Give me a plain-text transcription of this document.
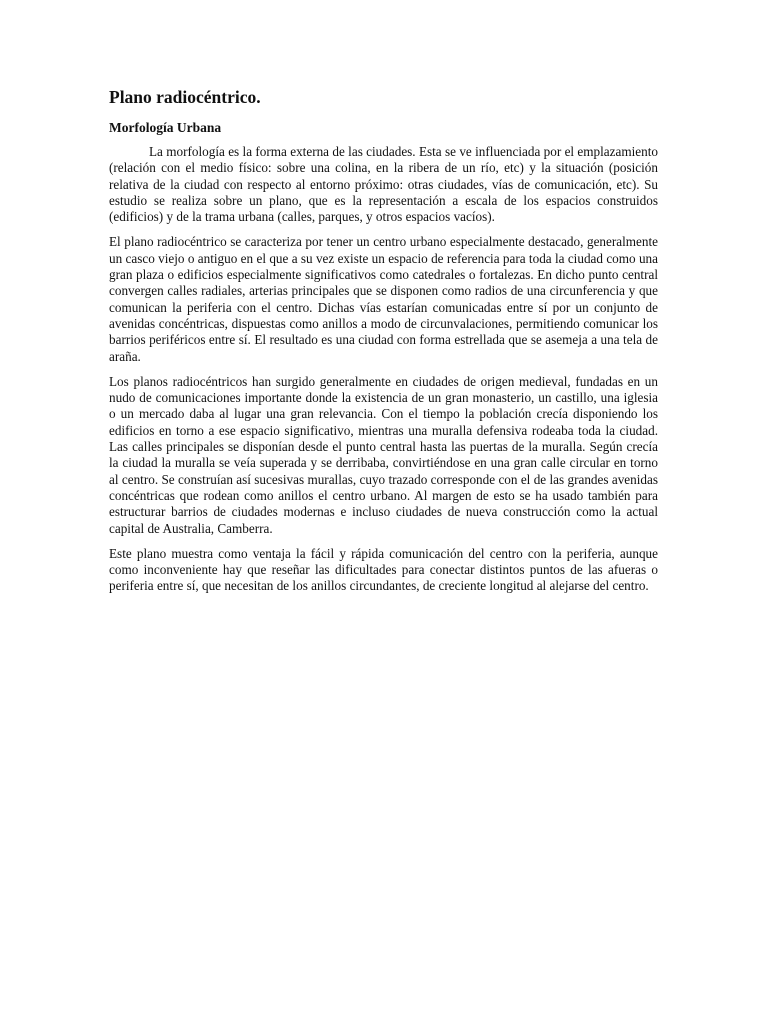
Plano radiocéntrico.
Morfología Urbana

La morfología es la forma externa de las ciudades. Esta se ve influenciada por el emplazamiento (relación con el medio físico: sobre una colina, en la ribera de un río, etc) y la situación (posición relativa de la ciudad con respecto al entorno próximo: otras ciudades, vías de comunicación, etc). Su estudio se realiza sobre un plano, que es la representación a escala de los espacios construidos (edificios) y de la trama urbana (calles, parques, y otros espacios vacíos).

El plano radiocéntrico se caracteriza por tener un centro urbano especialmente destacado, generalmente un casco viejo o antiguo en el que a su vez existe un espacio de referencia para toda la ciudad como una gran plaza o edificios especialmente significativos como catedrales o fortalezas. En dicho punto central convergen calles radiales, arterias principales que se disponen como radios de una circunferencia y que comunican la periferia con el centro. Dichas vías estarían comunicadas entre sí por un conjunto de avenidas concéntricas, dispuestas como anillos a modo de circunvalaciones, permitiendo comunicar los barrios periféricos entre sí. El resultado es una ciudad con forma estrellada que se asemeja a una tela de araña.

Los planos radiocéntricos han surgido generalmente en ciudades de origen medieval, fundadas en un nudo de comunicaciones importante donde la existencia de un gran monasterio, un castillo, una iglesia o un mercado daba al lugar una gran relevancia. Con el tiempo la población crecía disponiendo los edificios en torno a ese espacio significativo, mientras una muralla defensiva rodeaba toda la ciudad. Las calles principales se disponían desde el punto central hasta las puertas de la muralla. Según crecía la ciudad la muralla se veía superada y se derribaba, convirtiéndose en una gran calle circular en torno al centro. Se construían así sucesivas murallas, cuyo trazado corresponde con el de las grandes avenidas concéntricas que rodean como anillos el centro urbano. Al margen de esto se ha usado también para estructurar barrios de ciudades modernas e incluso ciudades de nueva construcción como la actual capital de Australia, Camberra.

Este plano muestra como ventaja la fácil y rápida comunicación del centro con la periferia, aunque como inconveniente hay que reseñar las dificultades para conectar distintos puntos de las afueras o periferia entre sí, que necesitan de los anillos circundantes, de creciente longitud al alejarse del centro.
